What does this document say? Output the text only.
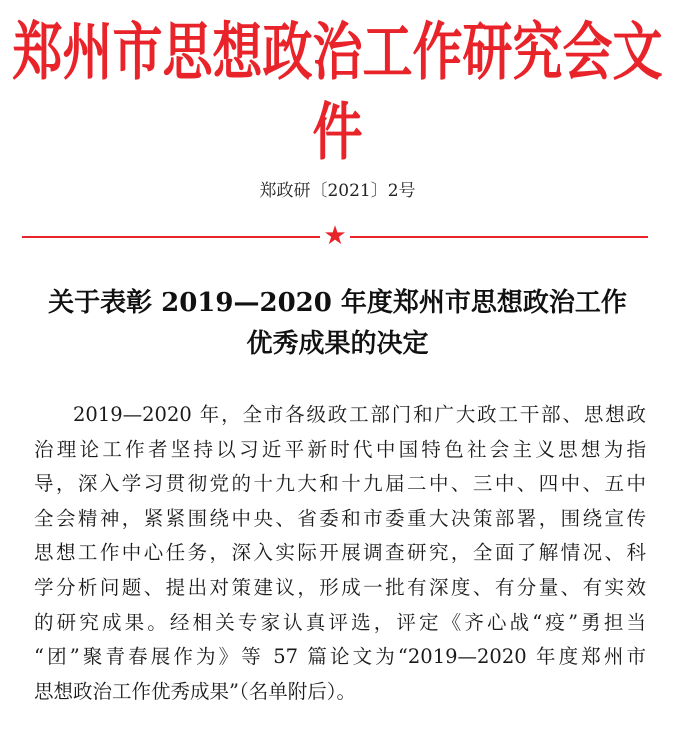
郑州市思想政治工作研究会文件
郑政研〔2021〕2号
★
关于表彰 2019—2020 年度郑州市思想政治工作
优秀成果的决定
2019—2020 年，全市各级政工部门和广大政工干部、思想政
治理论工作者坚持以习近平新时代中国特色社会主义思想为指
导，深入学习贯彻党的十九大和十九届二中、三中、四中、五中
全会精神，紧紧围绕中央、省委和市委重大决策部署，围绕宣传
思想工作中心任务，深入实际开展调查研究，全面了解情况、科
学分析问题、提出对策建议，形成一批有深度、有分量、有实效
的研究成果。经相关专家认真评选，评定《齐心战“疫”勇担当
“团”聚青春展作为》等 57 篇论文为“2019—2020 年度郑州市
思想政治工作优秀成果”（名单附后）。
